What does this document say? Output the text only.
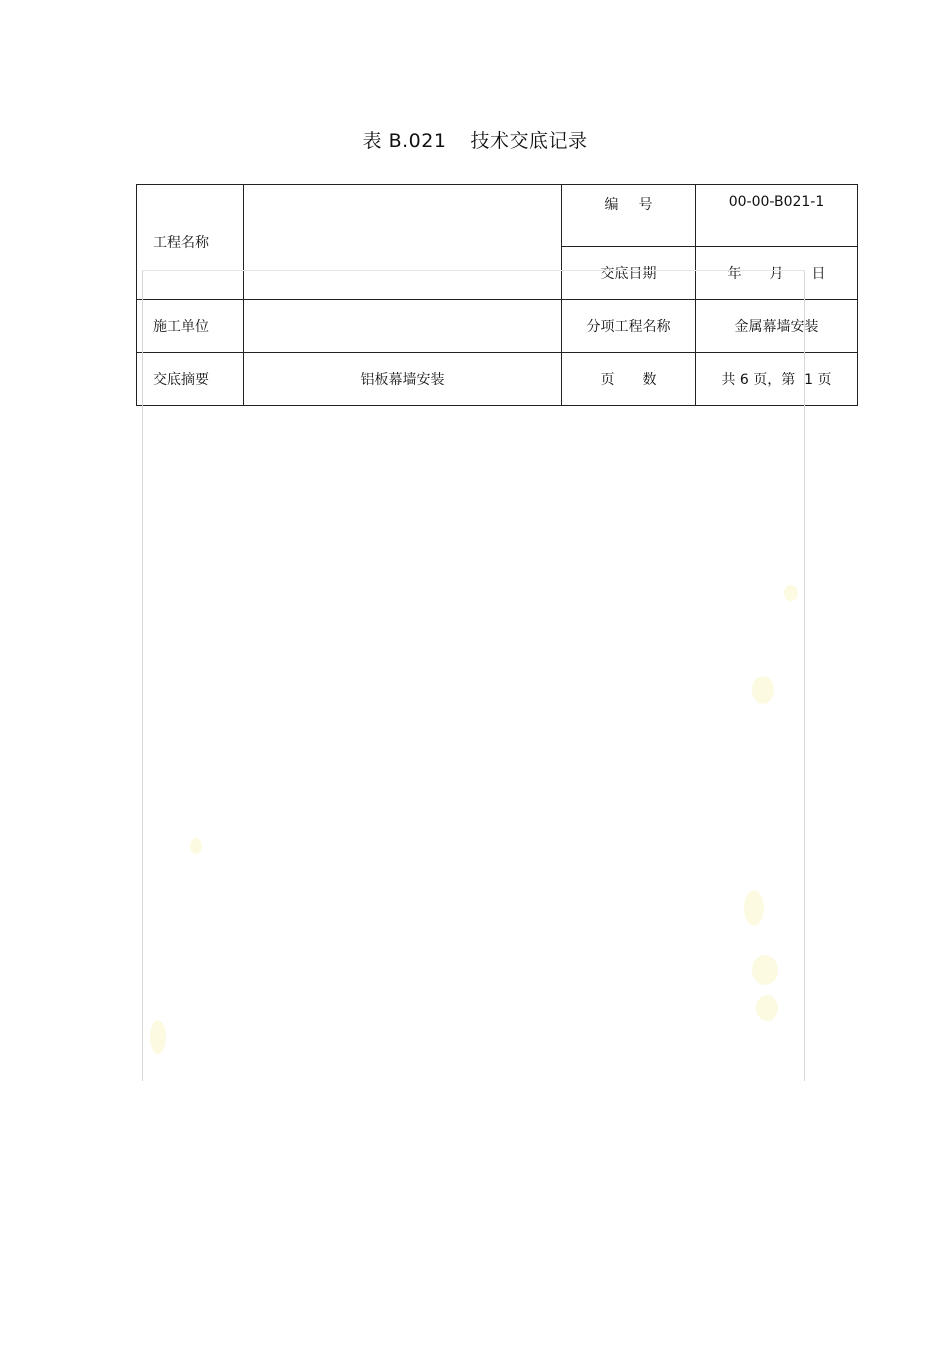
表 B.021 技术交底记录
工程名称		编 号	00-00-B021-1
		交底日期	年 月 日
施工单位		分项工程名称	金属幕墙安装
交底摘要	铝板幕墙安装	页 数	共 6 页，第  1 页
